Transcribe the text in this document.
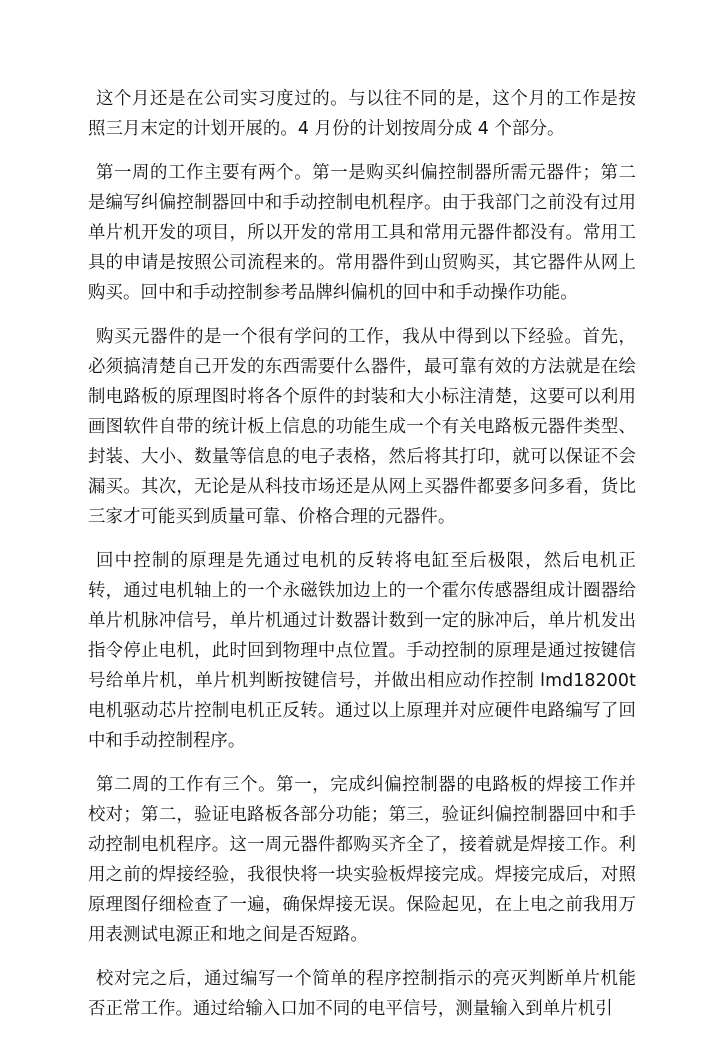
这个月还是在公司实习度过的。与以往不同的是，这个月的工作是按照三月末定的计划开展的。4 月份的计划按周分成 4 个部分。

第一周的工作主要有两个。第一是购买纠偏控制器所需元器件；第二是编写纠偏控制器回中和手动控制电机程序。由于我部门之前没有过用单片机开发的项目，所以开发的常用工具和常用元器件都没有。常用工具的申请是按照公司流程来的。常用器件到山贸购买，其它器件从网上购买。回中和手动控制参考品牌纠偏机的回中和手动操作功能。

购买元器件的是一个很有学问的工作，我从中得到以下经验。首先，必须搞清楚自己开发的东西需要什么器件，最可靠有效的方法就是在绘制电路板的原理图时将各个原件的封装和大小标注清楚，这要可以利用画图软件自带的统计板上信息的功能生成一个有关电路板元器件类型、封装、大小、数量等信息的电子表格，然后将其打印，就可以保证不会漏买。其次，无论是从科技市场还是从网上买器件都要多问多看，货比三家才可能买到质量可靠、价格合理的元器件。

回中控制的原理是先通过电机的反转将电缸至后极限，然后电机正转，通过电机轴上的一个永磁铁加边上的一个霍尔传感器组成计圈器给单片机脉冲信号，单片机通过计数器计数到一定的脉冲后，单片机发出指令停止电机，此时回到物理中点位置。手动控制的原理是通过按键信号给单片机，单片机判断按键信号，并做出相应动作控制 lmd18200t 电机驱动芯片控制电机正反转。通过以上原理并对应硬件电路编写了回中和手动控制程序。

第二周的工作有三个。第一，完成纠偏控制器的电路板的焊接工作并校对；第二，验证电路板各部分功能；第三，验证纠偏控制器回中和手动控制电机程序。这一周元器件都购买齐全了，接着就是焊接工作。利用之前的焊接经验，我很快将一块实验板焊接完成。焊接完成后，对照原理图仔细检查了一遍，确保焊接无误。保险起见，在上电之前我用万用表测试电源正和地之间是否短路。

校对完之后，通过编写一个简单的程序控制指示的亮灭判断单片机能否正常工作。通过给输入口加不同的电平信号，测量输入到单片机引
